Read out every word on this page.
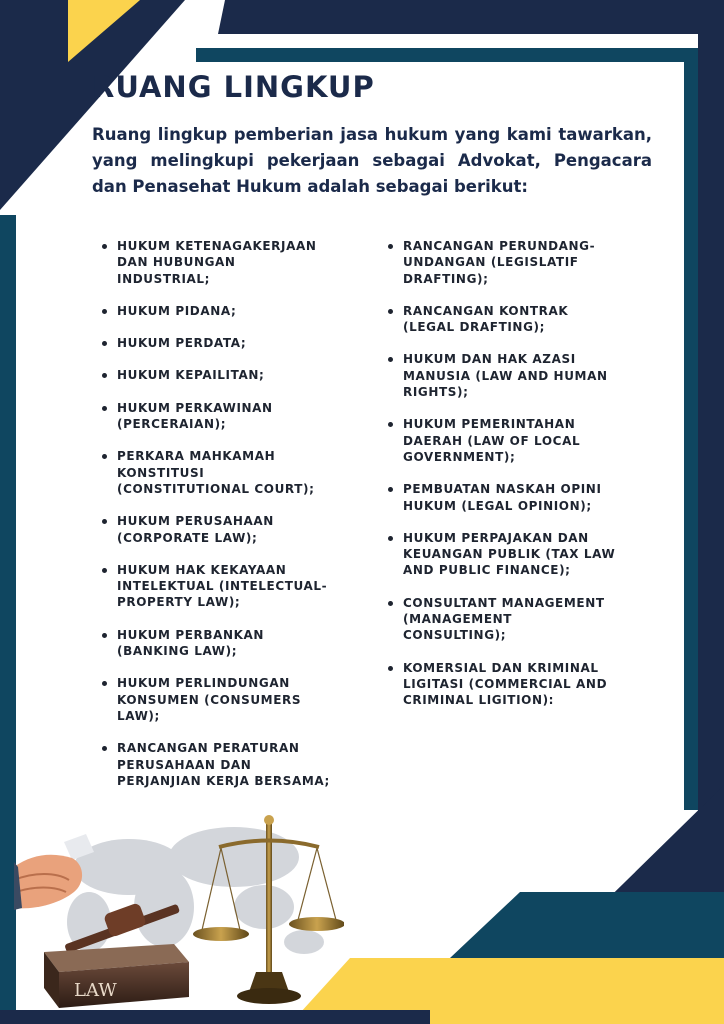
RUANG LINGKUP

Ruang lingkup pemberian jasa hukum yang kami tawarkan, yang melingkupi pekerjaan sebagai Advokat, Pengacara dan Penasehat Hukum adalah sebagai berikut:

HUKUM KETENAGAKERJAAN DAN HUBUNGAN INDUSTRIAL;
HUKUM PIDANA;
HUKUM PERDATA;
HUKUM KEPAILITAN;
HUKUM PERKAWINAN (PERCERAIAN);
PERKARA MAHKAMAH KONSTITUSI (CONSTITUTIONAL COURT);
HUKUM PERUSAHAAN (CORPORATE LAW);
HUKUM HAK KEKAYAAN INTELEKTUAL (INTELECTUAL-PROPERTY LAW);
HUKUM PERBANKAN (BANKING LAW);
HUKUM PERLINDUNGAN KONSUMEN (CONSUMERS LAW);
RANCANGAN PERATURAN PERUSAHAAN DAN PERJANJIAN KERJA BERSAMA;
RANCANGAN PERUNDANG-UNDANGAN (LEGISLATIF DRAFTING);
RANCANGAN KONTRAK (LEGAL DRAFTING);
HUKUM DAN HAK AZASI MANUSIA (LAW AND HUMAN RIGHTS);
HUKUM PEMERINTAHAN DAERAH (LAW OF LOCAL GOVERNMENT);
PEMBUATAN NASKAH OPINI HUKUM (LEGAL OPINION);
HUKUM PERPAJAKAN DAN KEUANGAN PUBLIK (TAX LAW AND PUBLIC FINANCE);
CONSULTANT MANAGEMENT (MANAGEMENT CONSULTING);
KOMERSIAL DAN KRIMINAL LIGITASI (COMMERCIAL AND CRIMINAL LIGITION):
LAW
